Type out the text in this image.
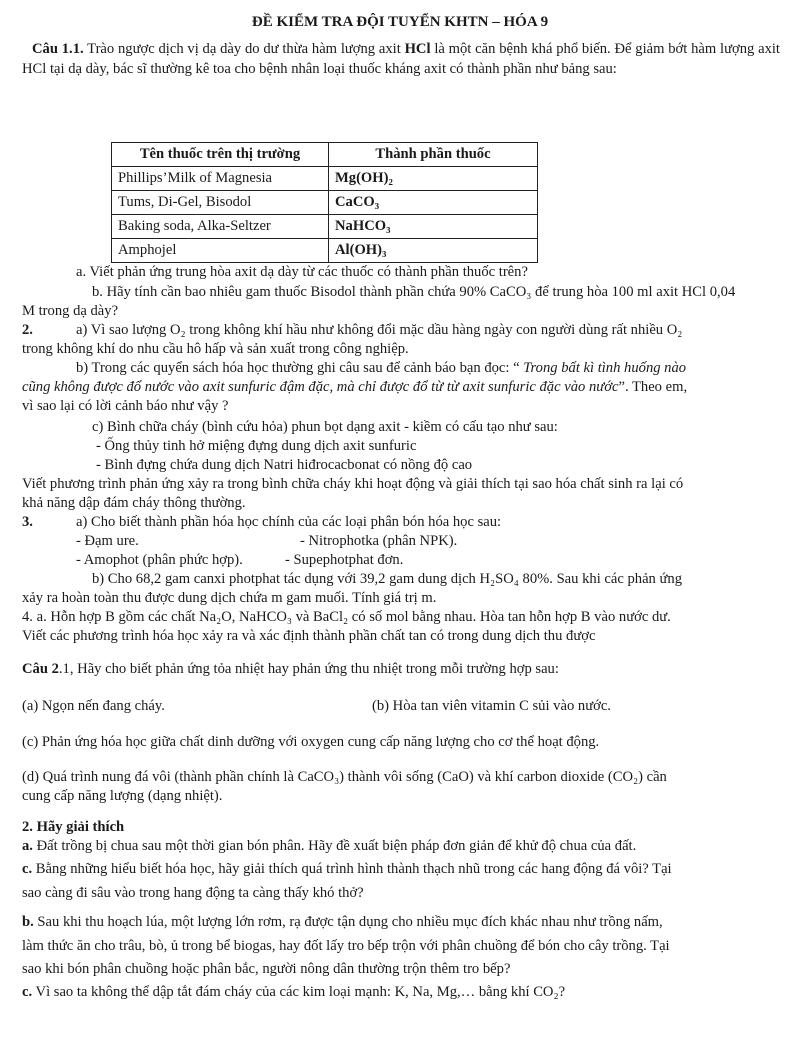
ĐỀ KIỂM TRA ĐỘI TUYỂN KHTN – HÓA 9
Câu 1.1. Trào ngược dịch vị dạ dày do dư thừa hàm lượng axit HCl là một căn bệnh khá phổ biến. Để giảm bớt hàm lượng axit HCl tại dạ dày, bác sĩ thường kê toa cho bệnh nhân loại thuốc kháng axit có thành phần như bảng sau:
Tên thuốc trên thị trường	Thành phần thuốc
Phillips’Milk of Magnesia	Mg(OH)₂
Tums, Di-Gel, Bisodol	CaCO₃
Baking soda, Alka-Seltzer	NaHCO₃
Amphojel	Al(OH)₃
a. Viết phản ứng trung hòa axit dạ dày từ các thuốc có thành phần thuốc trên?
b. Hãy tính cần bao nhiêu gam thuốc Bisodol thành phần chứa 90% CaCO₃ để trung hòa 100 ml axit HCl 0,04
M trong dạ dày?
2.	a) Vì sao lượng O₂ trong không khí hầu như không đổi mặc dầu hàng ngày con người dùng rất nhiều O₂
trong không khí do nhu cầu hô hấp và sản xuất trong công nghiệp.
b) Trong các quyển sách hóa học thường ghi câu sau để cảnh báo bạn đọc: “ Trong bất kì tình huống nào
cũng không được đổ nước vào axit sunfuric đậm đặc, mà chỉ được đổ từ từ axit sunfuric đặc vào nước”. Theo em,
vì sao lại có lời cảnh báo như vậy ?
c) Bình chữa cháy (bình cứu hỏa) phun bọt dạng axit - kiềm có cấu tạo như sau:
- Ống thủy tinh hở miệng đựng dung dịch axit sunfuric
- Bình đựng chứa dung dịch Natri hiđrocacbonat có nồng độ cao
Viết phương trình phản ứng xảy ra trong bình chữa cháy khi hoạt động và giải thích tại sao hóa chất sinh ra lại có
khả năng dập đám cháy thông thường.
3.	a) Cho biết thành phần hóa học chính của các loại phân bón hóa học sau:
- Đạm ure.	- Nitrophotka (phân NPK).
- Amophot (phân phức hợp).	- Supephotphat đơn.
b) Cho 68,2 gam canxi photphat tác dụng với 39,2 gam dung dịch H₂SO₄ 80%. Sau khi các phản ứng
xảy ra hoàn toàn thu được dung dịch chứa m gam muối. Tính giá trị m.
4. a. Hỗn hợp B gồm các chất Na₂O, NaHCO₃ và BaCl₂ có số mol bằng nhau. Hòa tan hỗn hợp B vào nước dư.
Viết các phương trình hóa học xảy ra và xác định thành phần chất tan có trong dung dịch thu được
Câu 2.1, Hãy cho biết phản ứng tỏa nhiệt hay phản ứng thu nhiệt trong mỗi trường hợp sau:
(a) Ngọn nến đang cháy.	(b) Hòa tan viên vitamin C sủi vào nước.
(c) Phản ứng hóa học giữa chất dinh dưỡng với oxygen cung cấp năng lượng cho cơ thể hoạt động.
(d) Quá trình nung đá vôi (thành phần chính là CaCO₃) thành vôi sống (CaO) và khí carbon dioxide (CO₂) cần
cung cấp năng lượng (dạng nhiệt).
2. Hãy giải thích
a. Đất trồng bị chua sau một thời gian bón phân. Hãy đề xuất biện pháp đơn giản để khử độ chua của đất.
c. Bằng những hiểu biết hóa học, hãy giải thích quá trình hình thành thạch nhũ trong các hang động đá vôi? Tại
sao càng đi sâu vào trong hang động ta càng thấy khó thở?
b. Sau khi thu hoạch lúa, một lượng lớn rơm, rạ được tận dụng cho nhiều mục đích khác nhau như trồng nấm,
làm thức ăn cho trâu, bò, ủ trong bể biogas, hay đốt lấy tro bếp trộn với phân chuồng để bón cho cây trồng. Tại
sao khi bón phân chuồng hoặc phân bắc, người nông dân thường trộn thêm tro bếp?
c. Vì sao ta không thể dập tắt đám cháy của các kim loại mạnh: K, Na, Mg,… bằng khí CO₂?
